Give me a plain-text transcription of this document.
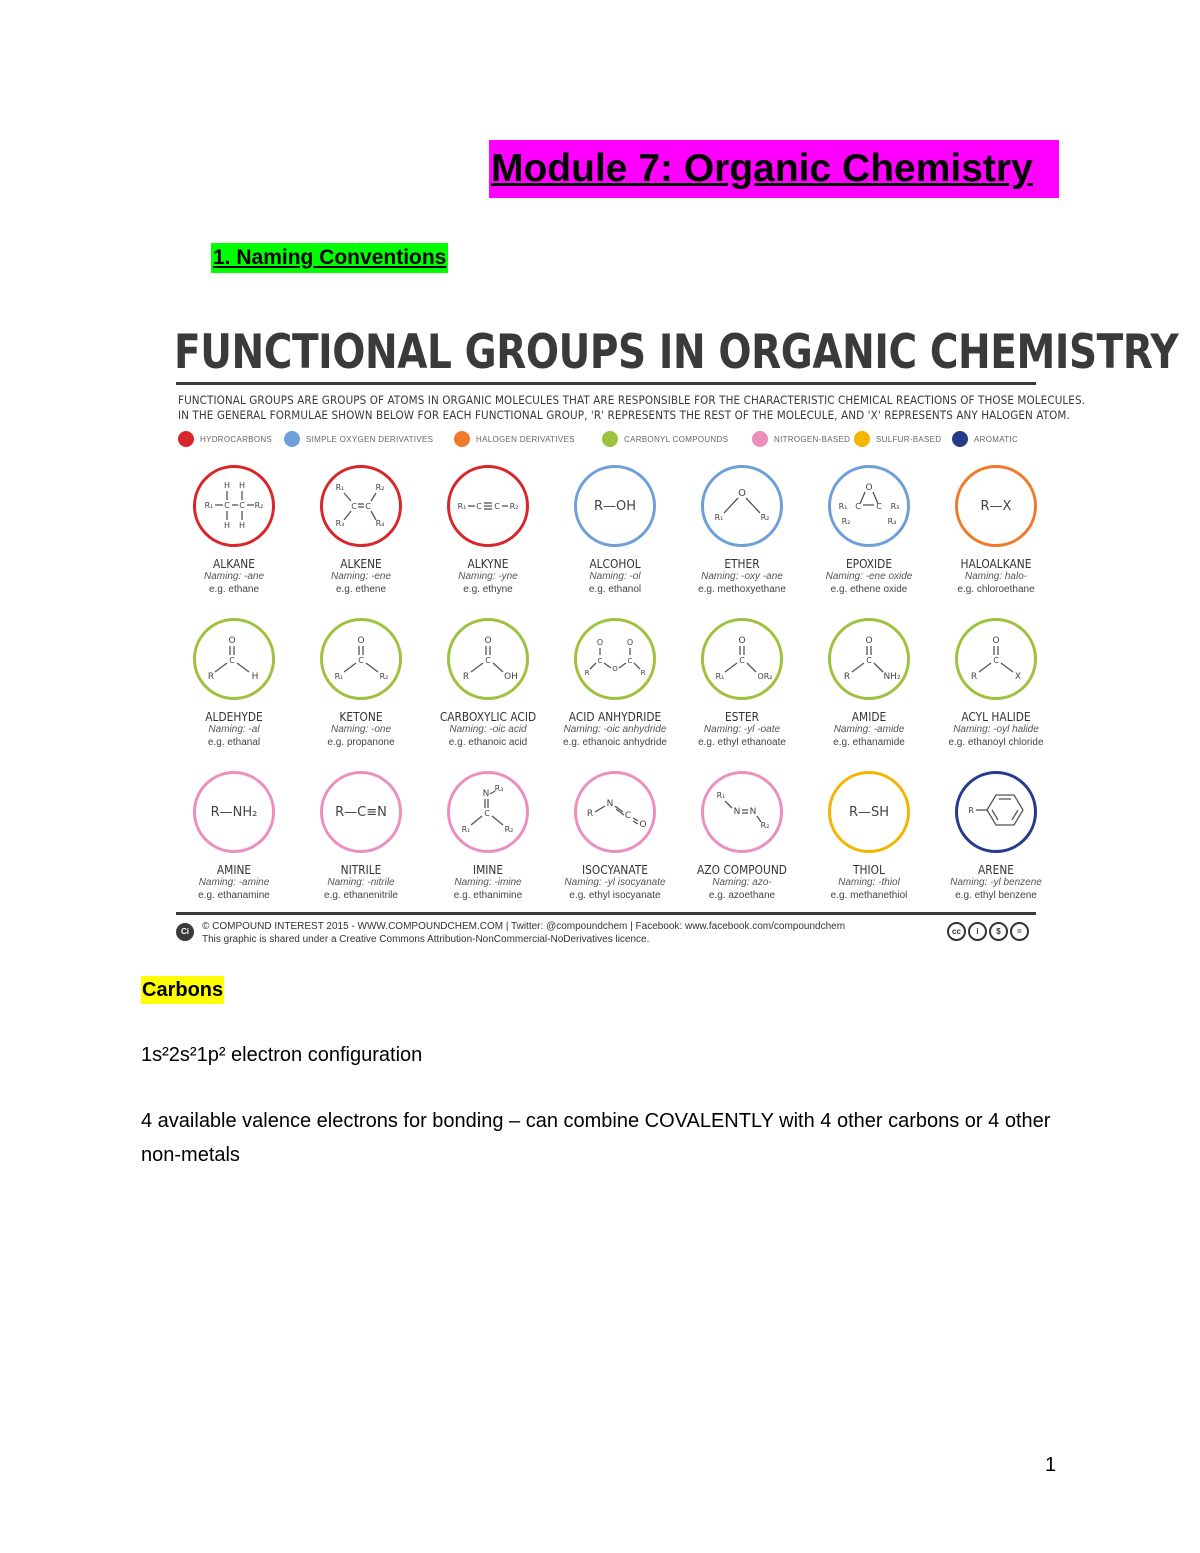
Module 7: Organic Chemistry
1. Naming Conventions
FUNCTIONAL GROUPS IN ORGANIC CHEMISTRY
FUNCTIONAL GROUPS ARE GROUPS OF ATOMS IN ORGANIC MOLECULES THAT ARE RESPONSIBLE FOR THE CHARACTERISTIC CHEMICAL REACTIONS OF THOSE MOLECULES.
IN THE GENERAL FORMULAE SHOWN BELOW FOR EACH FUNCTIONAL GROUP, 'R' REPRESENTS THE REST OF THE MOLECULE, AND 'X' REPRESENTS ANY HALOGEN ATOM.
HYDROCARBONS	SIMPLE OXYGEN DERIVATIVES	HALOGEN DERIVATIVES	CARBONYL COMPOUNDS	NITROGEN-BASED	SULFUR-BASED	AROMATIC
R₁ C C R₂
H H
H H
ALKANE
Naming: -ane
e.g. ethane
R₁	R₂
R₃	R₄
C C
ALKENE
Naming: -ene
e.g. ethene
R₁ C C R₂
ALKYNE
Naming: -yne
e.g. ethyne
R—OH
ALCOHOL
Naming: -ol
e.g. ethanol
R₁
O
R₂
ETHER
Naming: -oxy -ane
e.g. methoxyethane
O
C C
R₁	R₃
R₂	R₄
EPOXIDE
Naming: -ene oxide
e.g. ethene oxide
R—X
HALOALKANE
Naming: halo-
e.g. chloroethane
O
C
R	H
ALDEHYDE
Naming: -al
e.g. ethanal
O
C
R₁	R₂
KETONE
Naming: -one
e.g. propanone
O
C
R	OH
CARBOXYLIC ACID
Naming: -oic acid
e.g. ethanoic acid
O	O
C
O
C
R	R
ACID ANHYDRIDE
Naming: -oic anhydride
e.g. ethanoic anhydride
O
C
R₁	OR₂
ESTER
Naming: -yl -oate
e.g. ethyl ethanoate
O
C
R	NH₂
AMIDE
Naming: -amide
e.g. ethanamide
O
C
R	X
ACYL HALIDE
Naming: -oyl halide
e.g. ethanoyl chloride
R—NH₂
AMINE
Naming: -amine
e.g. ethanamine
R—C≡N
NITRILE
Naming: -nitrile
e.g. ethanenitrile
N
R₃
C
R₁	R₂
IMINE
Naming: -imine
e.g. ethanimine
R
N
C
O
ISOCYANATE
Naming: -yl isocyanate
e.g. ethyl isocyanate
R₁
N N
R₂
AZO COMPOUND
Naming: azo-
e.g. azoethane
R—SH
THIOL
Naming: -thiol
e.g. methanethiol
R
ARENE
Naming: -yl benzene
e.g. ethyl benzene
Ci	© COMPOUND INTEREST 2015 - WWW.COMPOUNDCHEM.COM | Twitter: @compoundchem | Facebook: www.facebook.com/compoundchem
This graphic is shared under a Creative Commons Attribution-NonCommercial-NoDerivatives licence.
cc	i	$	=
Carbons
1s²2s²1p² electron configuration
4 available valence electrons for bonding – can combine COVALENTLY with 4 other carbons or 4 other non-metals
1
